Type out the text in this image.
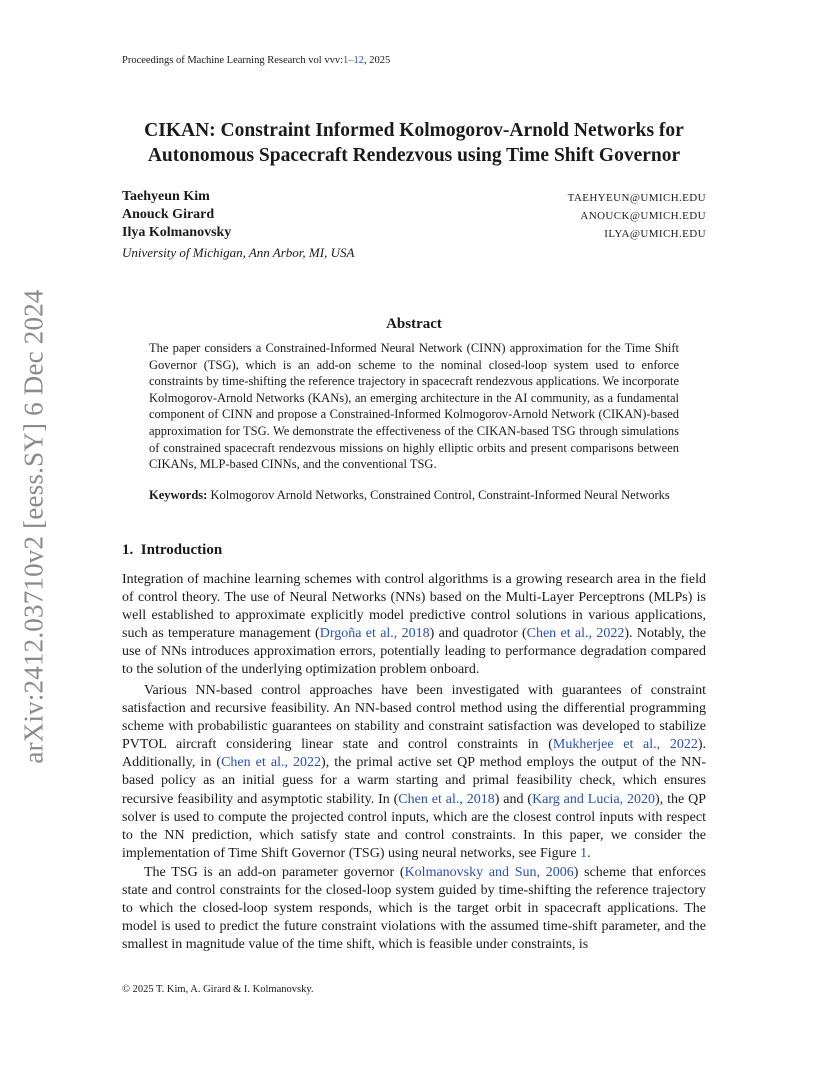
Proceedings of Machine Learning Research vol vvv:1–12, 2025
arXiv:2412.03710v2 [eess.SY] 6 Dec 2024
CIKAN: Constraint Informed Kolmogorov-Arnold Networks for
Autonomous Spacecraft Rendezvous using Time Shift Governor
Taehyeun Kim	TAEHYEUN@UMICH.EDU
Anouck Girard	ANOUCK@UMICH.EDU
Ilya Kolmanovsky	ILYA@UMICH.EDU
University of Michigan, Ann Arbor, MI, USA
Abstract
The paper considers a Constrained-Informed Neural Network (CINN) approximation for the Time Shift Governor (TSG), which is an add-on scheme to the nominal closed-loop system used to enforce constraints by time-shifting the reference trajectory in spacecraft rendezvous applications. We incorporate Kolmogorov-Arnold Networks (KANs), an emerging architecture in the AI community, as a fundamental component of CINN and propose a Constrained-Informed Kolmogorov-Arnold Network (CIKAN)-based approximation for TSG. We demonstrate the effectiveness of the CIKAN-based TSG through simulations of constrained spacecraft rendezvous missions on highly elliptic orbits and present comparisons between CIKANs, MLP-based CINNs, and the conventional TSG.
Keywords: Kolmogorov Arnold Networks, Constrained Control, Constraint-Informed Neural Networks
1. Introduction

Integration of machine learning schemes with control algorithms is a growing research area in the field of control theory. The use of Neural Networks (NNs) based on the Multi-Layer Perceptrons (MLPs) is well established to approximate explicitly model predictive control solutions in various applications, such as temperature management (Drgoña et al., 2018) and quadrotor (Chen et al., 2022). Notably, the use of NNs introduces approximation errors, potentially leading to performance degradation compared to the solution of the underlying optimization problem onboard.

Various NN-based control approaches have been investigated with guarantees of constraint satisfaction and recursive feasibility. An NN-based control method using the differential programming scheme with probabilistic guarantees on stability and constraint satisfaction was developed to stabilize PVTOL aircraft considering linear state and control constraints in (Mukherjee et al., 2022). Additionally, in (Chen et al., 2022), the primal active set QP method employs the output of the NN-based policy as an initial guess for a warm starting and primal feasibility check, which ensures recursive feasibility and asymptotic stability. In (Chen et al., 2018) and (Karg and Lucia, 2020), the QP solver is used to compute the projected control inputs, which are the closest control inputs with respect to the NN prediction, which satisfy state and control constraints. In this paper, we consider the implementation of Time Shift Governor (TSG) using neural networks, see Figure 1.

The TSG is an add-on parameter governor (Kolmanovsky and Sun, 2006) scheme that enforces state and control constraints for the closed-loop system guided by time-shifting the reference trajectory to which the closed-loop system responds, which is the target orbit in spacecraft applications. The model is used to predict the future constraint violations with the assumed time-shift parameter, and the smallest in magnitude value of the time shift, which is feasible under constraints, is

© 2025 T. Kim, A. Girard & I. Kolmanovsky.
